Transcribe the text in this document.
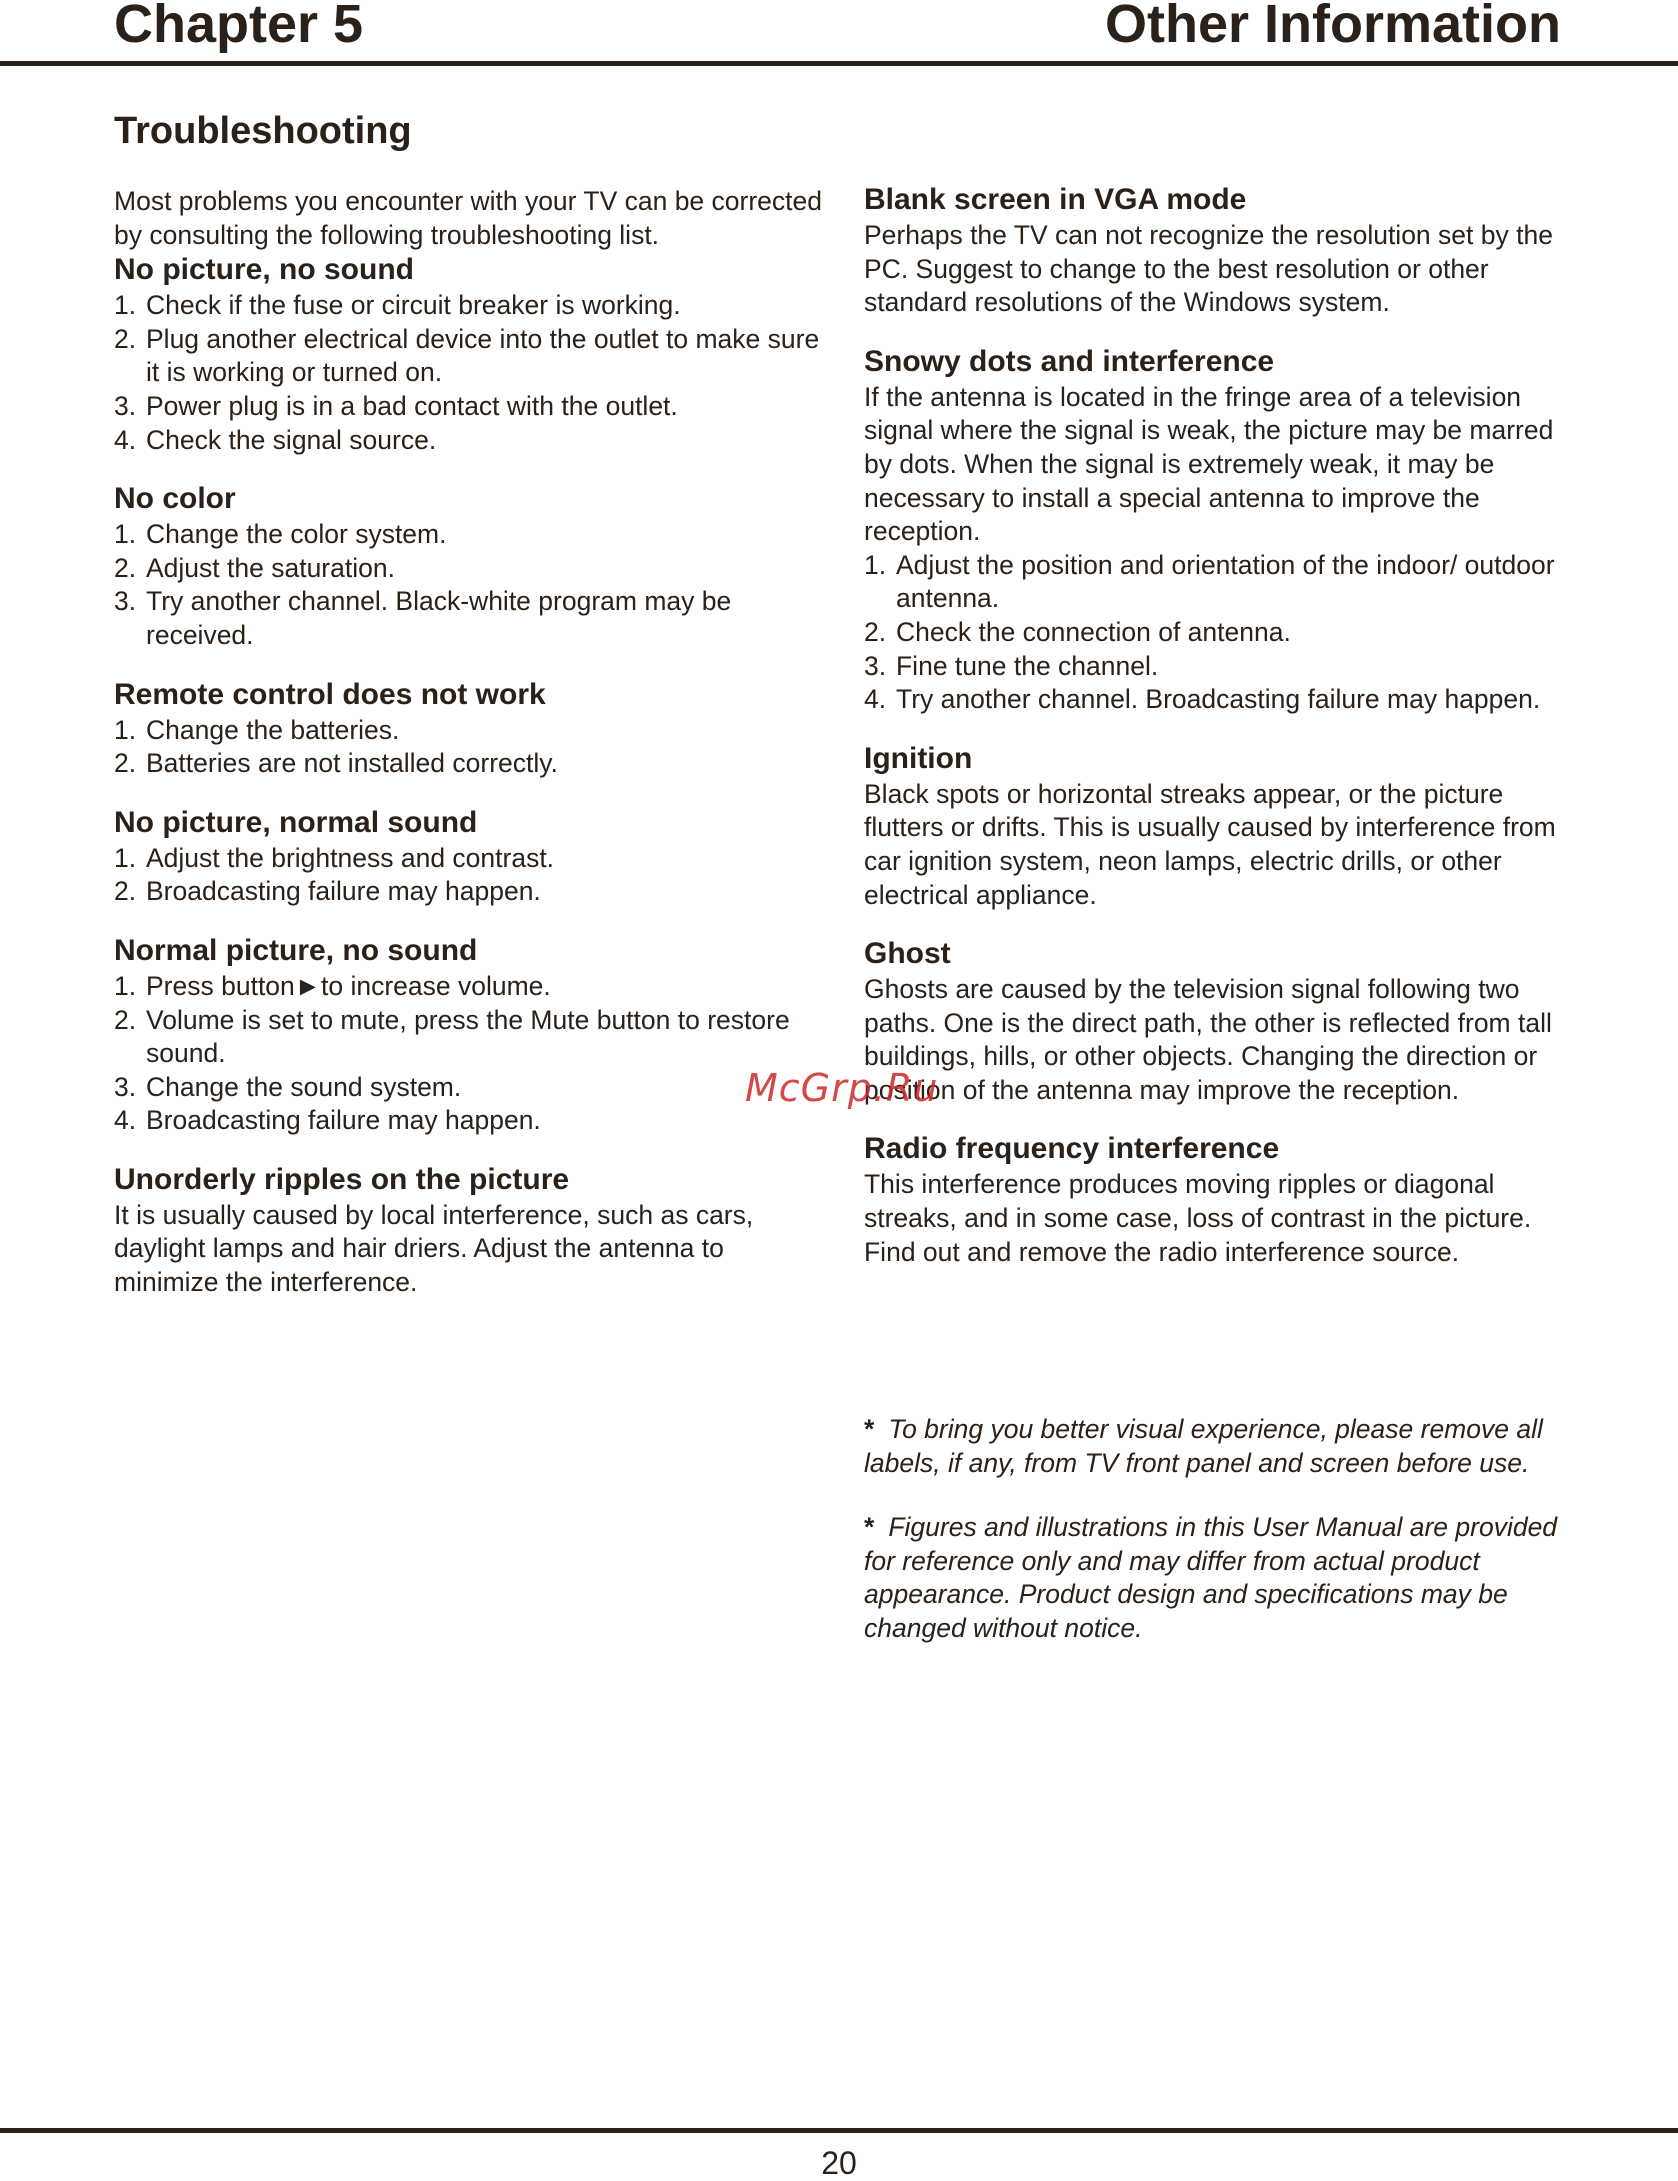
Chapter 5	Other Information
Troubleshooting

Most problems you encounter with your TV can be corrected by consulting the following troubleshooting list.

No picture, no sound
1. Check if the fuse or circuit breaker is working.
2. Plug another electrical device into the outlet to make sure it is working or turned on.
3. Power plug is in a bad contact with the outlet.
4. Check the signal source.
No color
1. Change the color system.
2. Adjust the saturation.
3. Try another channel. Black-white program may be received.
Remote control does not work
1. Change the batteries.
2. Batteries are not installed correctly.
No picture, normal sound
1. Adjust the brightness and contrast.
2. Broadcasting failure may happen.
Normal picture, no sound
1. Press button►to increase volume.
2. Volume is set to mute, press the Mute button to restore sound.
3. Change the sound system.
4. Broadcasting failure may happen.
Unorderly ripples on the picture

It is usually caused by local interference, such as cars, daylight lamps and hair driers. Adjust the antenna to minimize the interference.

Blank screen in VGA mode

Perhaps the TV can not recognize the resolution set by the PC. Suggest to change to the best resolution or other standard resolutions of the Windows system.

Snowy dots and interference

If the antenna is located in the fringe area of a television signal where the signal is weak, the picture may be marred by dots. When the signal is extremely weak, it may be necessary to install a special antenna to improve the reception.

1. Adjust the position and orientation of the indoor/ outdoor antenna.
2. Check the connection of antenna.
3. Fine tune the channel.
4. Try another channel. Broadcasting failure may happen.
Ignition

Black spots or horizontal streaks appear, or the picture flutters or drifts. This is usually caused by interference from car ignition system, neon lamps, electric drills, or other electrical appliance.

Ghost

Ghosts are caused by the television signal following two paths. One is the direct path, the other is reflected from tall buildings, hills, or other objects. Changing the direction or position of the antenna may improve the reception.

Radio frequency interference

This interference produces moving ripples or diagonal streaks, and in some case, loss of contrast in the picture. Find out and remove the radio interference source.

* To bring you better visual experience, please remove all labels, if any, from TV front panel and screen before use.

* Figures and illustrations in this User Manual are provided for reference only and may differ from actual product appearance. Product design and specifications may be changed without notice.

McGrp.Ru
20
